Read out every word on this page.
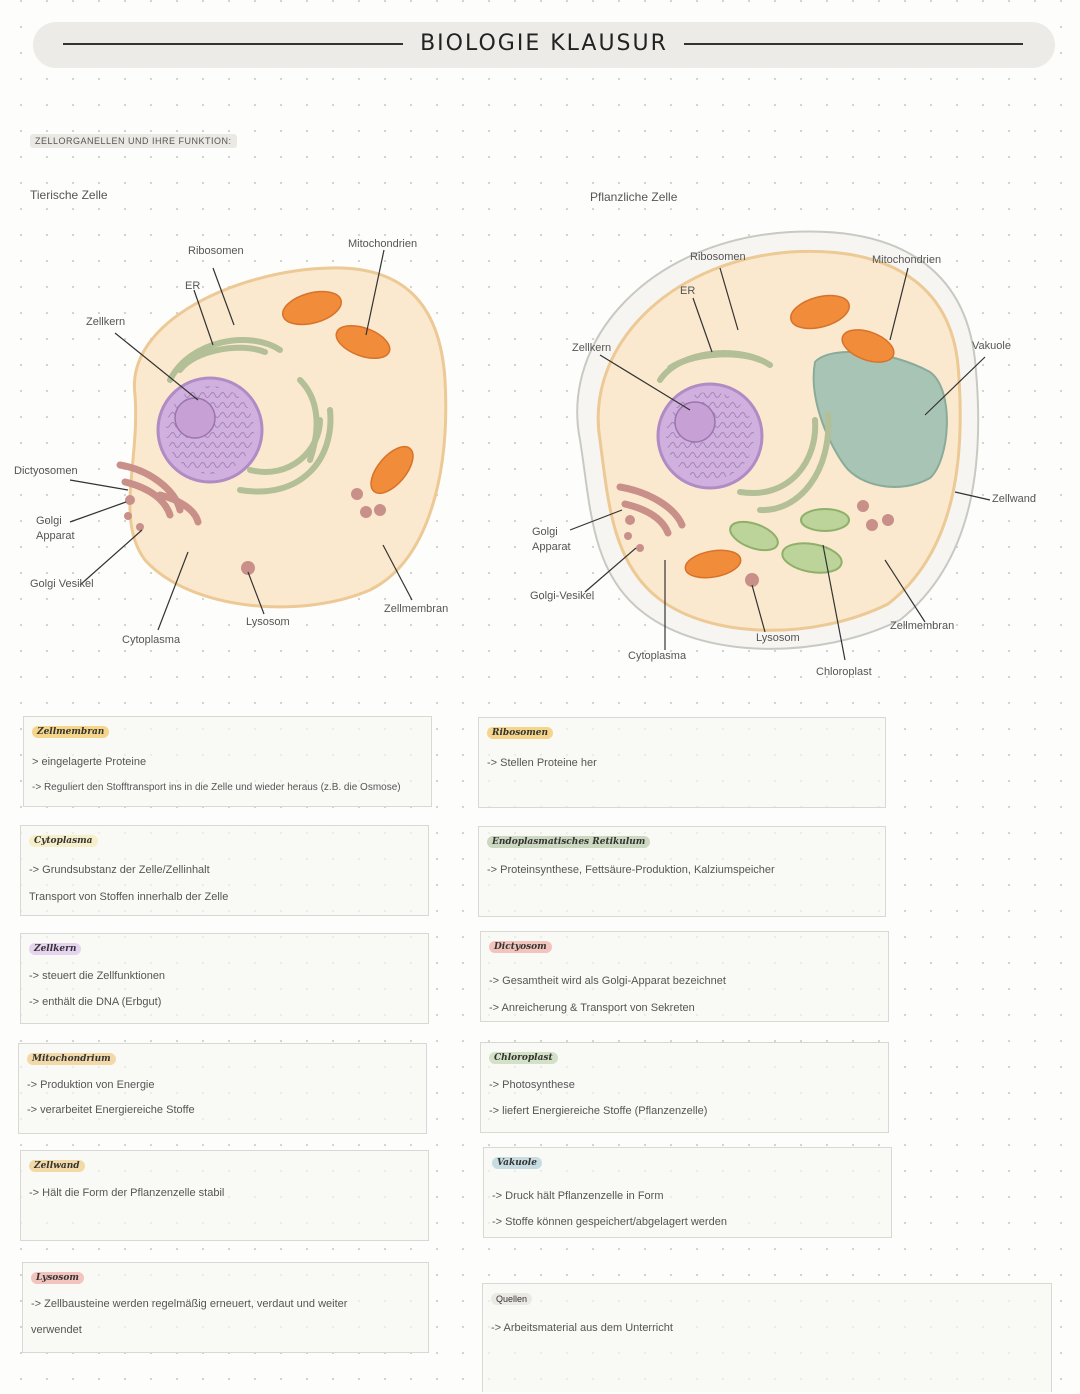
BIOLOGIE KLAUSUR
ZELLORGANELLEN UND IHRE FUNKTION:
Tierische Zelle	Pflanzliche Zelle
Ribosomen
ER
Mitochondrien
Zellkern
Dictyosomen
Golgi Apparat
Golgi Vesikel
Cytoplasma
Lysosom
Zellmembran
Ribosomen
ER
Mitochondrien
Zellkern	Vakuole
Zellwand
Golgi Apparat
Golgi-Vesikel
Cytoplasma
Lysosom
Chloroplast
Zellmembran
Zellmembran
> eingelagerte Proteine
-> Reguliert den Stofftransport ins in die Zelle und wieder heraus (z.B. die Osmose)
Cytoplasma
-> Grundsubstanz der Zelle/Zellinhalt
Transport von Stoffen innerhalb der Zelle
Zellkern
-> steuert die Zellfunktionen
-> enthält die DNA (Erbgut)
Mitochondrium
-> Produktion von Energie
-> verarbeitet Energiereiche Stoffe
Zellwand
-> Hält die Form der Pflanzenzelle stabil
Lysosom
-> Zellbausteine werden regelmäßig erneuert, verdaut und weiter
verwendet
Ribosomen
-> Stellen Proteine her
Endoplasmatisches Retikulum
-> Proteinsynthese, Fettsäure-Produktion, Kalziumspeicher
Dictyosom
-> Gesamtheit wird als Golgi-Apparat bezeichnet
-> Anreicherung & Transport von Sekreten
Chloroplast
-> Photosynthese
-> liefert Energiereiche Stoffe (Pflanzenzelle)
Vakuole
-> Druck hält Pflanzenzelle in Form
-> Stoffe können gespeichert/abgelagert werden
Quellen
-> Arbeitsmaterial aus dem Unterricht
